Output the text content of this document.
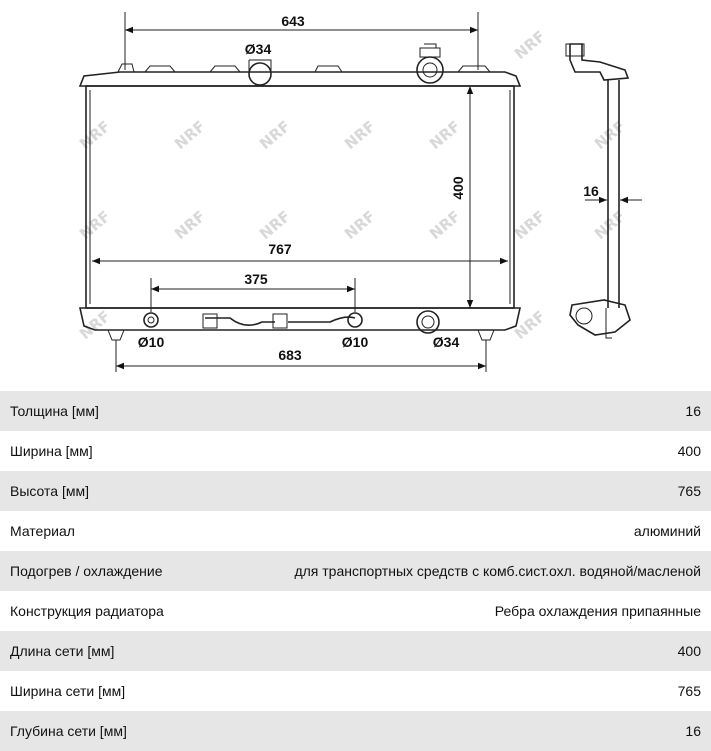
NRF	NRF	NRF	NRF	NRF
NRF
NRF
NRF	NRF	NRF	NRF	NRF	NRF	NRF
NRF	NRF
643
Ø34
400
767
375
Ø10	Ø10	Ø34
683
16
Толщина [мм]	16
Ширина [мм]	400
Высота [мм]	765
Материал	алюминий
Подогрев / охлаждение	для транспортных средств с комб.сист.охл. водяной/масленой
Конструкция радиатора	Ребра охлаждения припаянные
Длина сети [мм]	400
Ширина сети [мм]	765
Глубина сети [мм]	16
